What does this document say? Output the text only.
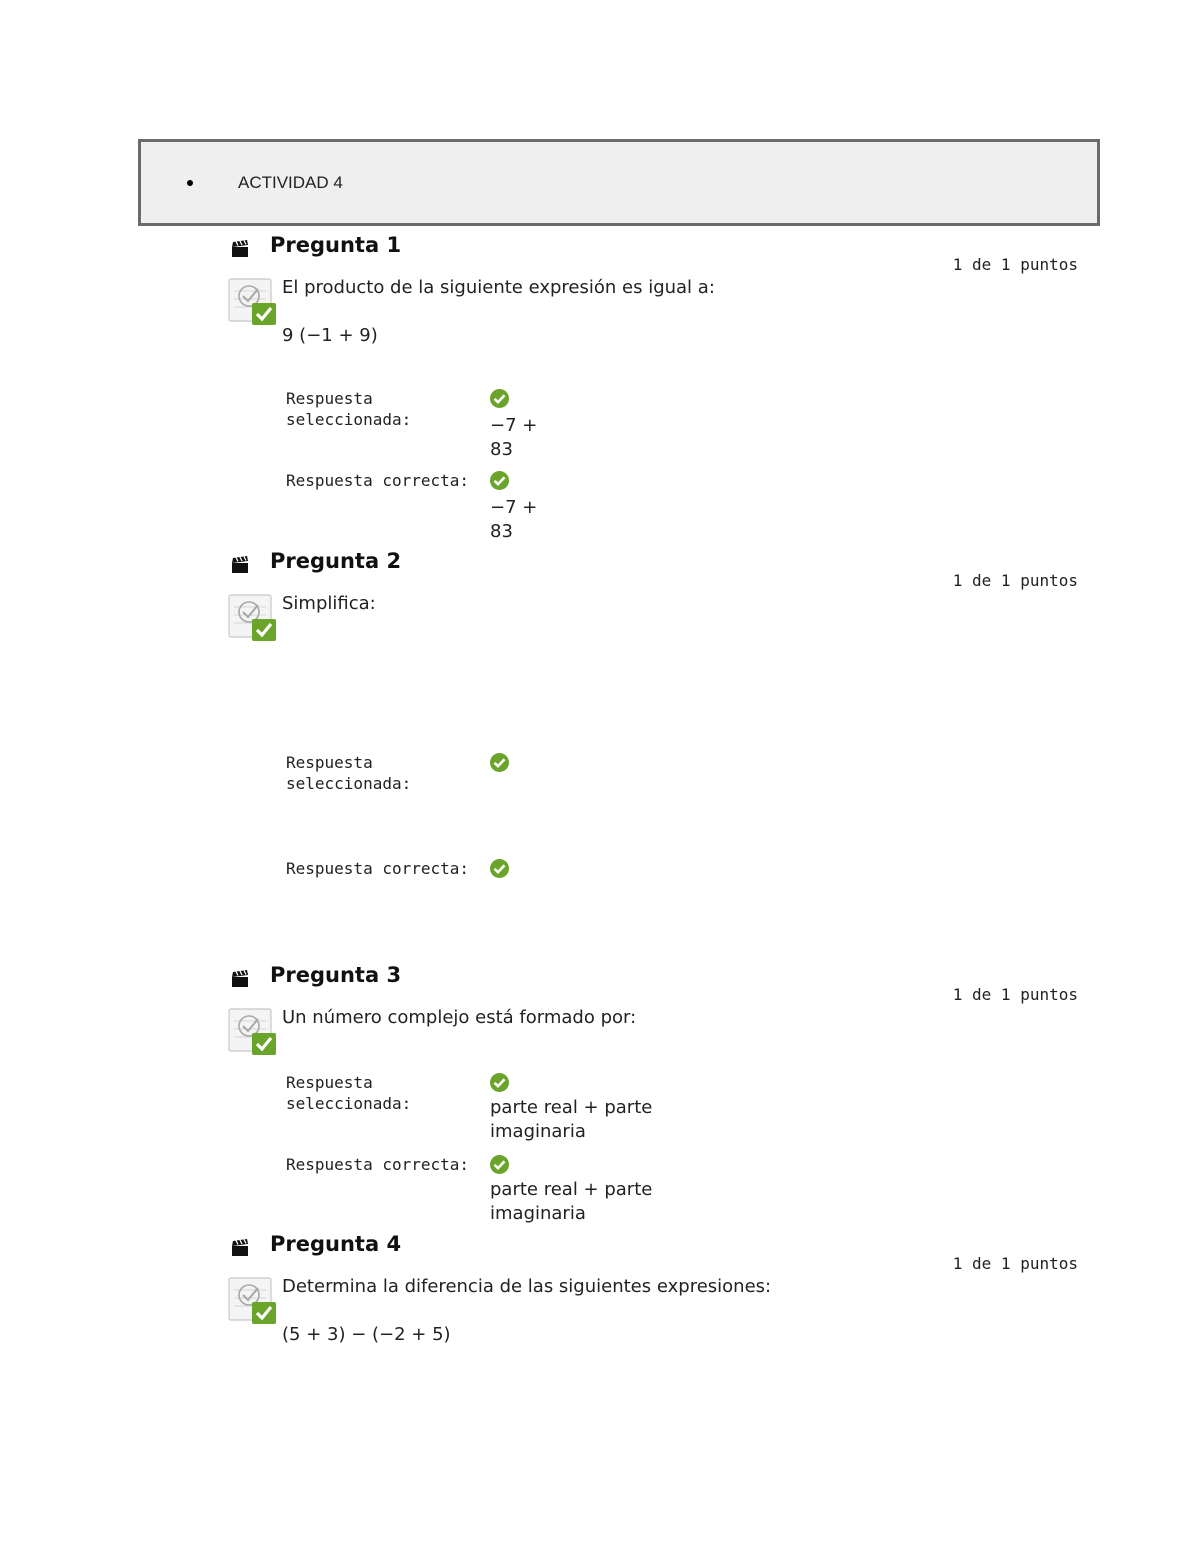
ACTIVIDAD 4
Pregunta 1
1 de 1 puntos
El producto de la siguiente expresión es igual a:
9 (−1 + 9)
Respuesta seleccionada:	−7 + 83
Respuesta correcta:
−7 + 83
Pregunta 2
1 de 1 puntos
Simplifica:
Respuesta seleccionada:
Respuesta correcta:
Pregunta 3
1 de 1 puntos
Un número complejo está formado por:
Respuesta seleccionada:	parte real + parte imaginaria
Respuesta correcta:
parte real + parte imaginaria
Pregunta 4
1 de 1 puntos
Determina la diferencia de las siguientes expresiones:
(5 + 3) − (−2 + 5)
